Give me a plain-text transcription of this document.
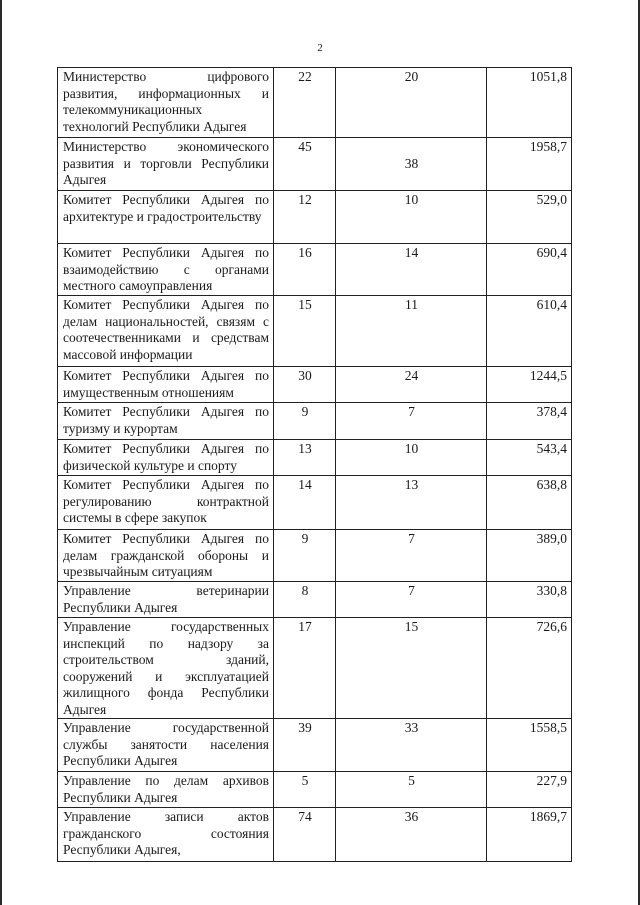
2
Министерство цифрового развития, информационных и телекоммуникационных технологий Республики Адыгея	22	20	1051,8
Министерство экономического развития и торговли Республики Адыгея	45	38	1958,7
Комитет Республики Адыгея по архитектуре и градостроительству	12	10	529,0
Комитет Республики Адыгея по взаимодействию с органами местного самоуправления	16	14	690,4
Комитет Республики Адыгея по делам национальностей, связям с соотечественниками и средствам массовой информации	15	11	610,4
Комитет Республики Адыгея по имущественным отношениям	30	24	1244,5
Комитет Республики Адыгея по туризму и курортам	9	7	378,4
Комитет Республики Адыгея по физической культуре и спорту	13	10	543,4
Комитет Республики Адыгея по регулированию контрактной системы в сфере закупок	14	13	638,8
Комитет Республики Адыгея по делам гражданской обороны и чрезвычайным ситуациям	9	7	389,0
Управление ветеринарии Республики Адыгея	8	7	330,8
Управление государственных инспекций по надзору за строительством зданий, сооружений и эксплуатацией жилищного фонда Республики Адыгея	17	15	726,6
Управление государственной службы занятости населения Республики Адыгея	39	33	1558,5
Управление по делам архивов Республики Адыгея	5	5	227,9
Управление записи актов гражданского состояния Республики Адыгея,	74	36	1869,7
